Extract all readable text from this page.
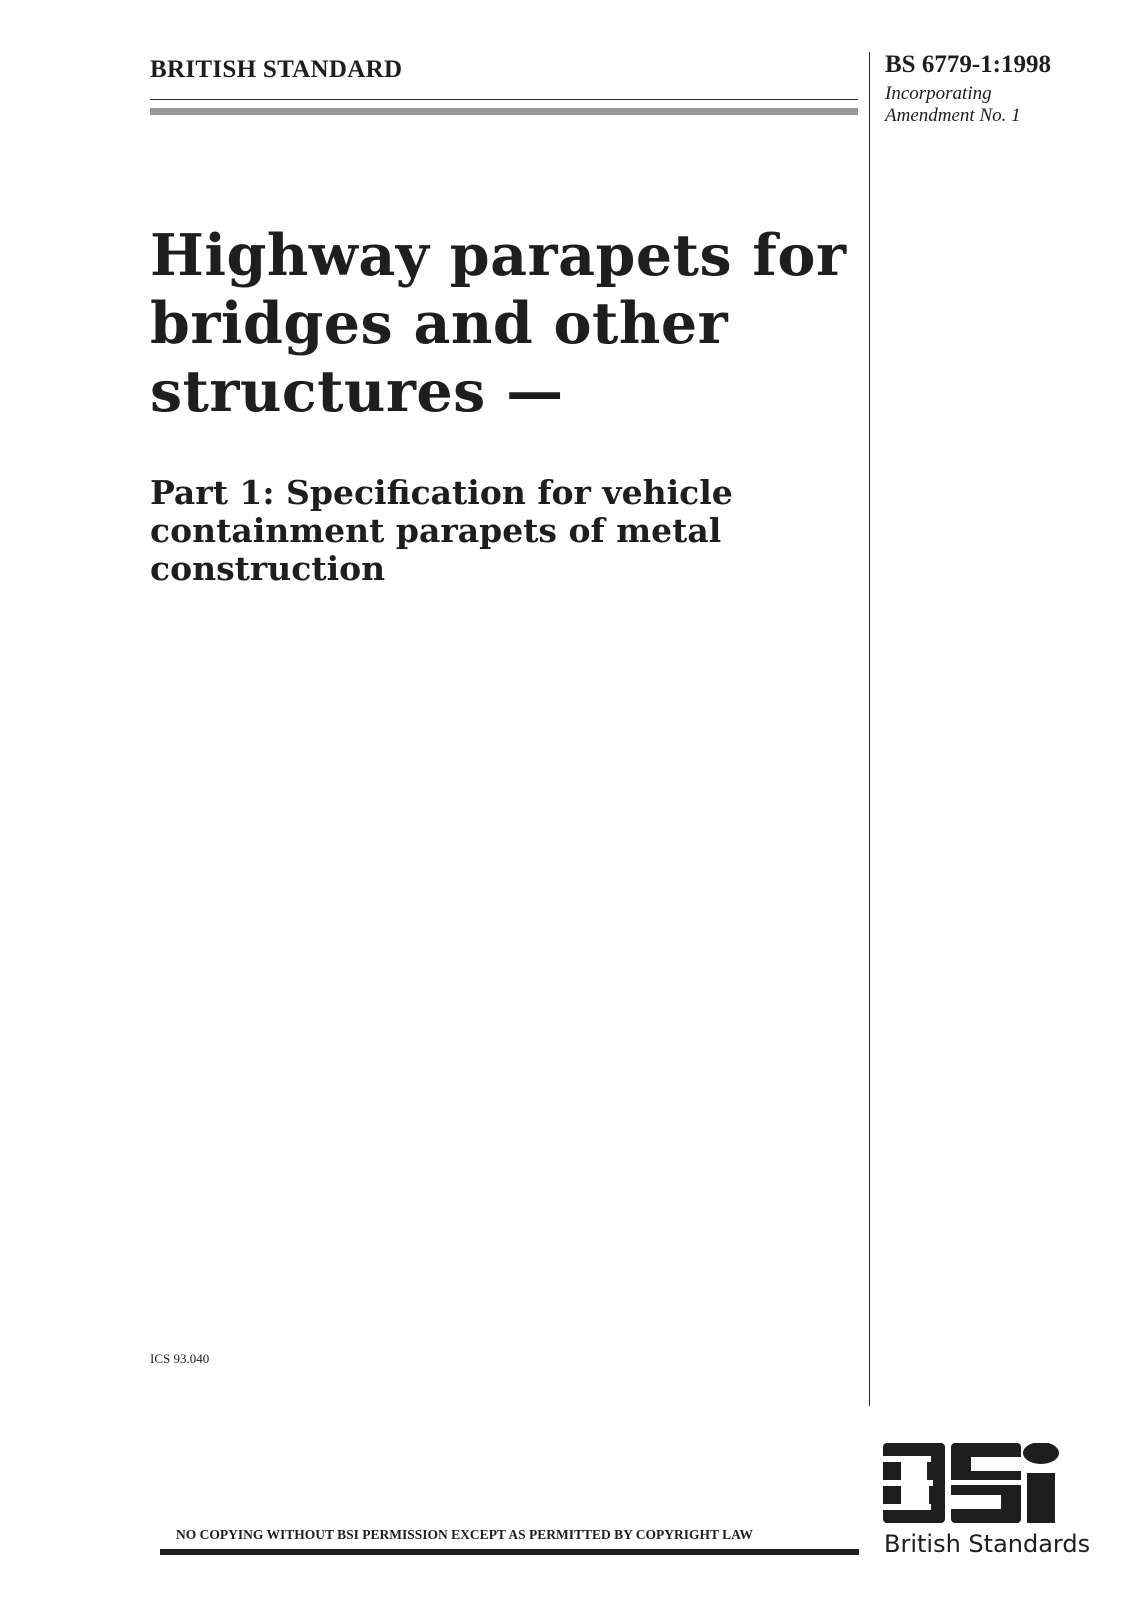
BRITISH STANDARD	BS 6779-1:1998
Incorporating
Amendment No. 1
Highway parapets for
bridges and other
structures —
Part 1: Specification for vehicle
containment parapets of metal
construction
ICS 93.040
NO COPYING WITHOUT BSI PERMISSION EXCEPT AS PERMITTED BY COPYRIGHT LAW	British Standards
